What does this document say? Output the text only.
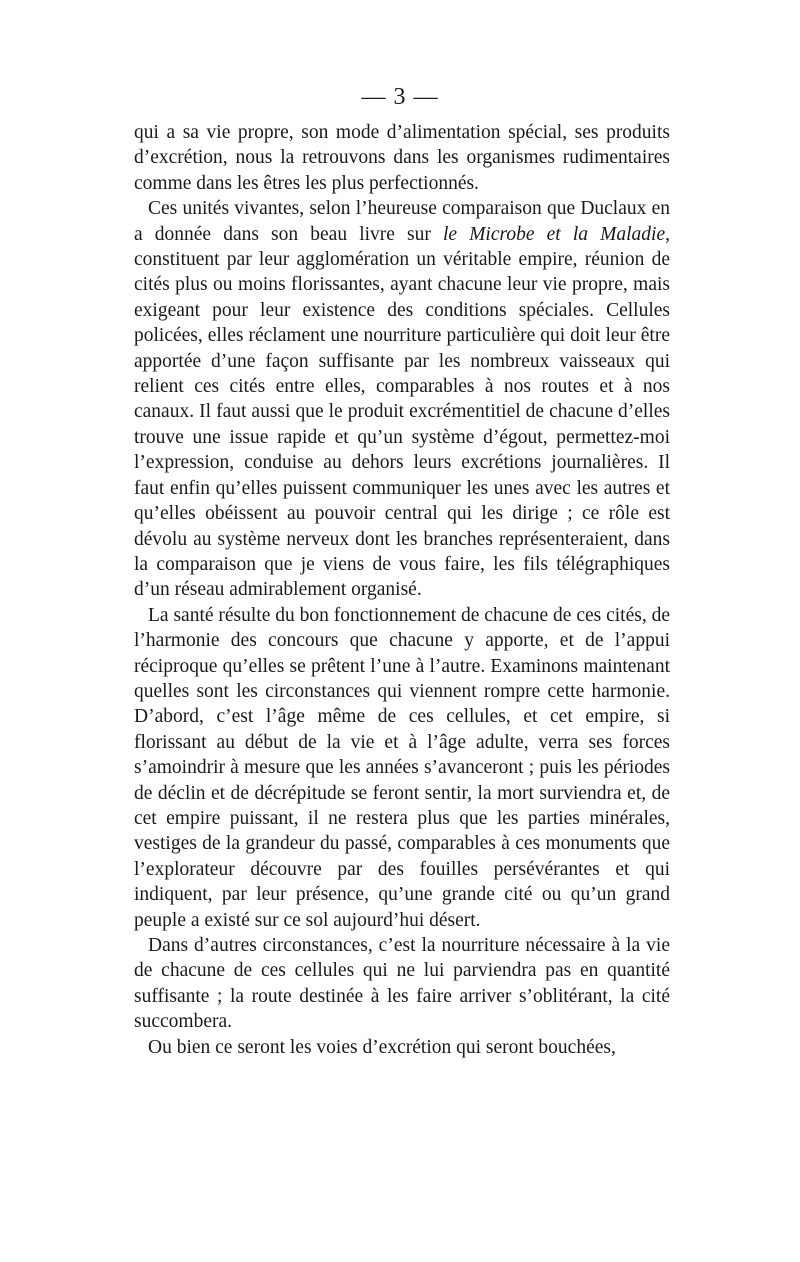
— 3 —

qui a sa vie propre, son mode d’alimentation spécial, ses produits d’excrétion, nous la retrouvons dans les organismes rudimentaires comme dans les êtres les plus perfectionnés.

Ces unités vivantes, selon l’heureuse comparaison que Duclaux en a donnée dans son beau livre sur le Microbe et la Maladie, constituent par leur agglomération un véritable empire, réunion de cités plus ou moins florissantes, ayant chacune leur vie propre, mais exigeant pour leur existence des conditions spéciales. Cellules policées, elles réclament une nourriture particulière qui doit leur être apportée d’une façon suffisante par les nombreux vaisseaux qui relient ces cités entre elles, comparables à nos routes et à nos canaux. Il faut aussi que le produit excrémentitiel de chacune d’elles trouve une issue rapide et qu’un système d’égout, permettez-moi l’expression, conduise au dehors leurs excrétions journalières. Il faut enfin qu’elles puissent communiquer les unes avec les autres et qu’elles obéissent au pouvoir central qui les dirige ; ce rôle est dévolu au système nerveux dont les branches représenteraient, dans la comparaison que je viens de vous faire, les fils télégraphiques d’un réseau admirablement organisé.

La santé résulte du bon fonctionnement de chacune de ces cités, de l’harmonie des concours que chacune y apporte, et de l’appui réciproque qu’elles se prêtent l’une à l’autre. Examinons maintenant quelles sont les circonstances qui viennent rompre cette harmonie. D’abord, c’est l’âge même de ces cellules, et cet empire, si florissant au début de la vie et à l’âge adulte, verra ses forces s’amoindrir à mesure que les années s’avanceront ; puis les périodes de déclin et de décrépitude se feront sentir, la mort surviendra et, de cet empire puissant, il ne restera plus que les parties minérales, vestiges de la grandeur du passé, comparables à ces monuments que l’explorateur découvre par des fouilles persévérantes et qui indiquent, par leur présence, qu’une grande cité ou qu’un grand peuple a existé sur ce sol aujourd’hui désert.

Dans d’autres circonstances, c’est la nourriture nécessaire à la vie de chacune de ces cellules qui ne lui parviendra pas en quantité suffisante ; la route destinée à les faire arriver s’oblitérant, la cité succombera.

Ou bien ce seront les voies d’excrétion qui seront bouchées,
